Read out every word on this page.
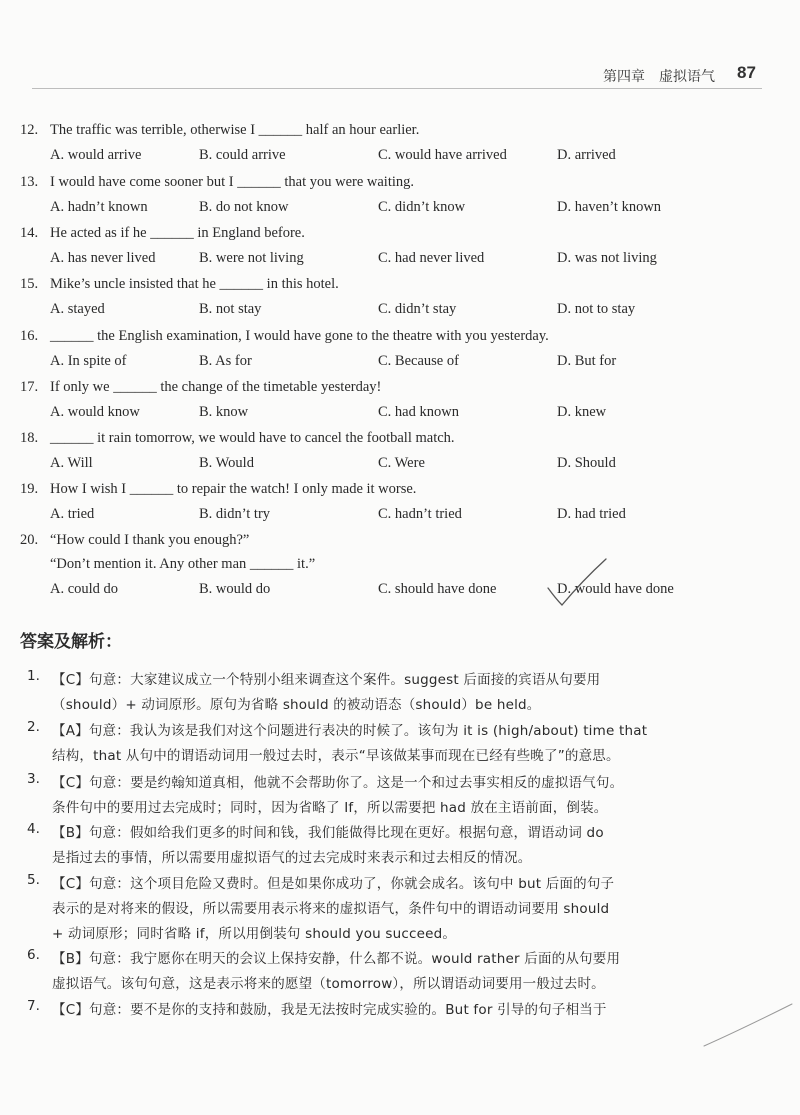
第四章　虚拟语气 87
12. The traffic was terrible, otherwise I ______ half an hour earlier.
A. would arrive	B. could arrive	C. would have arrived	D. arrived
13. I would have come sooner but I ______ that you were waiting.
A. hadn’t known	B. do not know	C. didn’t know	D. haven’t known
14. He acted as if he ______ in England before.
A. has never lived	B. were not living	C. had never lived	D. was not living
15. Mike’s uncle insisted that he ______ in this hotel.
A. stayed	B. not stay	C. didn’t stay	D. not to stay
16. ______ the English examination, I would have gone to the theatre with you yesterday.
A. In spite of	B. As for	C. Because of	D. But for
17. If only we ______ the change of the timetable yesterday!
A. would know	B. know	C. had known	D. knew
18. ______ it rain tomorrow, we would have to cancel the football match.
A. Will	B. Would	C. Were	D. Should
19. How I wish I ______ to repair the watch! I only made it worse.
A. tried	B. didn’t try	C. hadn’t tried	D. had tried
20. “How could I thank you enough?”
“Don’t mention it. Any other man ______ it.”
A. could do	B. would do	C. should have done	D. would have done
答案及解析：
1. 【C】句意：大家建议成立一个特别小组来调查这个案件。suggest 后面接的宾语从句要用
（should）+ 动词原形。原句为省略 should 的被动语态（should）be held。
2. 【A】句意：我认为该是我们对这个问题进行表决的时候了。该句为 it is (high/about) time that
结构，that 从句中的谓语动词用一般过去时，表示“早该做某事而现在已经有些晚了”的意思。
3. 【C】句意：要是约翰知道真相，他就不会帮助你了。这是一个和过去事实相反的虚拟语气句。
条件句中的要用过去完成时；同时，因为省略了 If，所以需要把 had 放在主语前面，倒装。
4. 【B】句意：假如给我们更多的时间和钱，我们能做得比现在更好。根据句意，谓语动词 do
是指过去的事情，所以需要用虚拟语气的过去完成时来表示和过去相反的情况。
5. 【C】句意：这个项目危险又费时。但是如果你成功了，你就会成名。该句中 but 后面的句子
表示的是对将来的假设，所以需要用表示将来的虚拟语气，条件句中的谓语动词要用 should
+ 动词原形；同时省略 if，所以用倒装句 should you succeed。
6. 【B】句意：我宁愿你在明天的会议上保持安静，什么都不说。would rather 后面的从句要用
虚拟语气。该句句意，这是表示将来的愿望（tomorrow），所以谓语动词要用一般过去时。
7. 【C】句意：要不是你的支持和鼓励，我是无法按时完成实验的。But for 引导的句子相当于
